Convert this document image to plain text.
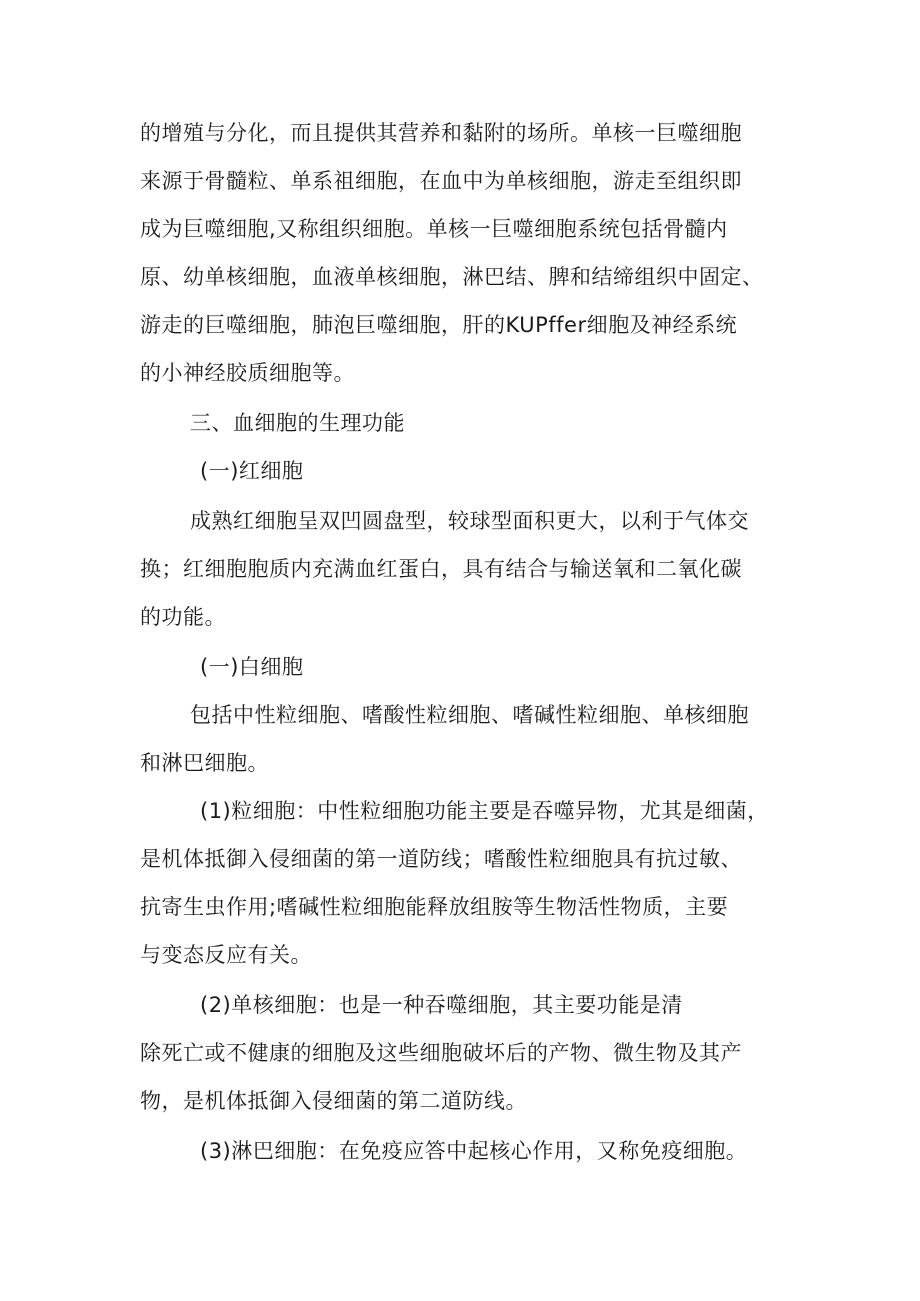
的增殖与分化，而且提供其营养和黏附的场所。单核一巨噬细胞
来源于骨髓粒、单系祖细胞，在血中为单核细胞，游走至组织即
成为巨噬细胞,又称组织细胞。单核一巨噬细胞系统包括骨髓内
原、幼单核细胞，血液单核细胞，淋巴结、脾和结缔组织中固定、
游走的巨噬细胞，肺泡巨噬细胞，肝的KUPffer细胞及神经系统
的小神经胶质细胞等。
三、血细胞的生理功能
(一)红细胞
成熟红细胞呈双凹圆盘型，较球型面积更大，以利于气体交
换；红细胞胞质内充满血红蛋白，具有结合与输送氧和二氧化碳
的功能。
(一)白细胞
包括中性粒细胞、嗜酸性粒细胞、嗜碱性粒细胞、单核细胞
和淋巴细胞。
(1)粒细胞：中性粒细胞功能主要是吞噬异物，尤其是细菌，
是机体抵御入侵细菌的第一道防线；嗜酸性粒细胞具有抗过敏、
抗寄生虫作用;嗜碱性粒细胞能释放组胺等生物活性物质，主要
与变态反应有关。
(2)单核细胞：也是一种吞噬细胞，其主要功能是清
除死亡或不健康的细胞及这些细胞破坏后的产物、微生物及其产
物，是机体抵御入侵细菌的第二道防线。
(3)淋巴细胞：在免疫应答中起核心作用，又称免疫细胞。
